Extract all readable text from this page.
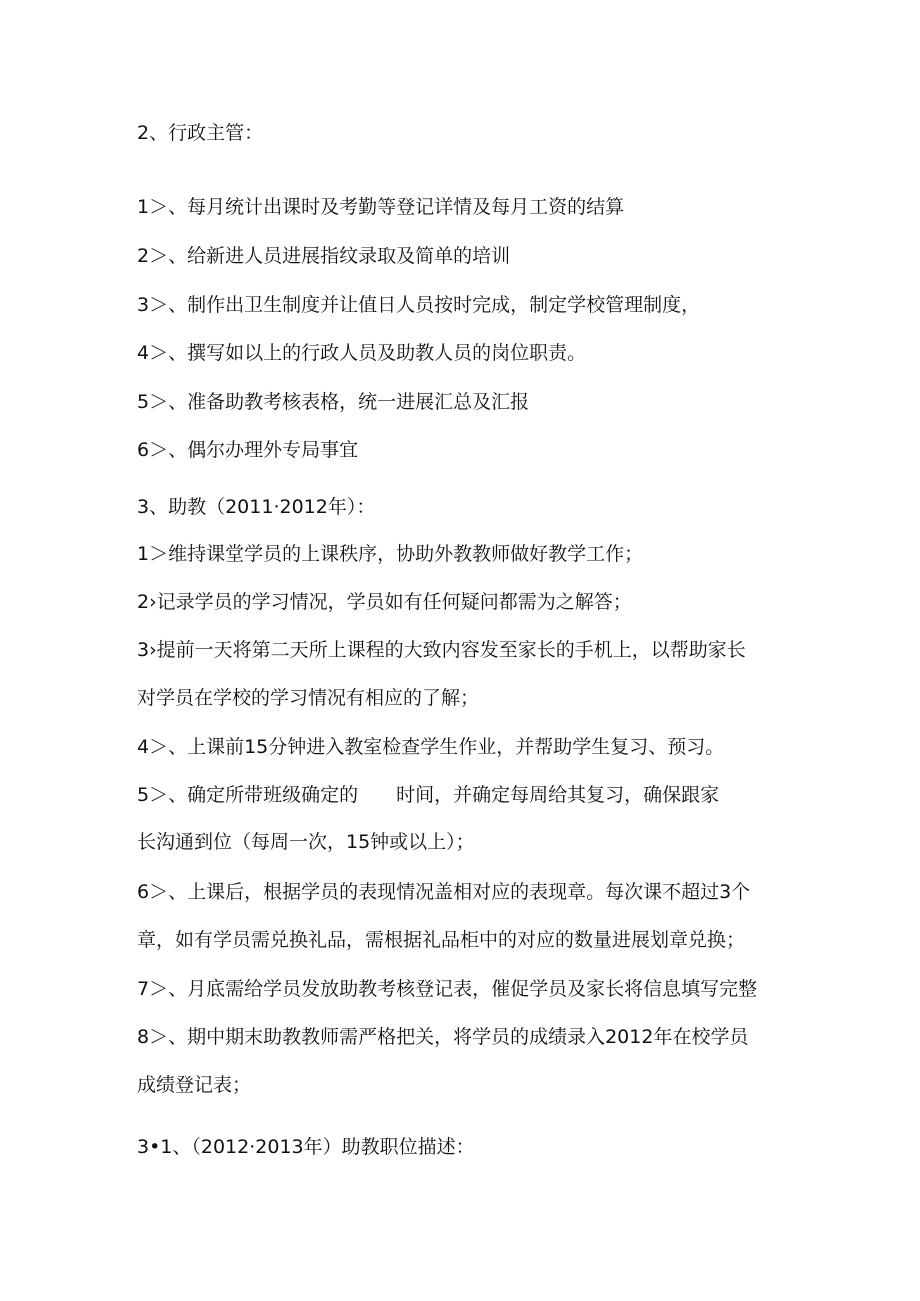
2、行政主管：
1＞、每月统计出课时及考勤等登记详情及每月工资的结算
2＞、给新进人员进展指纹录取及简单的培训
3＞、制作出卫生制度并让值日人员按时完成，制定学校管理制度，
4＞、撰写如以上的行政人员及助教人员的岗位职责。
5＞、准备助教考核表格，统一进展汇总及汇报
6＞、偶尔办理外专局事宜
3、助教（2011·2012年）：
1＞维持课堂学员的上课秩序，协助外教教师做好教学工作；
2›记录学员的学习情况，学员如有任何疑问都需为之解答；
3›提前一天将第二天所上课程的大致内容发至家长的手机上，以帮助家长
对学员在学校的学习情况有相应的了解；
4＞、上课前15分钟进入教室检查学生作业，并帮助学生复习、预习。
5＞、确定所带班级确定的　　时间，并确定每周给其复习，确保跟家
长沟通到位（每周一次，15钟或以上）；
6＞、上课后，根据学员的表现情况盖相对应的表现章。每次课不超过3个
章，如有学员需兑换礼品，需根据礼品柜中的对应的数量进展划章兑换；
7＞、月底需给学员发放助教考核登记表，催促学员及家长将信息填写完整
8＞、期中期末助教教师需严格把关，将学员的成绩录入2012年在校学员
成绩登记表；
3•1、（2012·2013年）助教职位描述：
